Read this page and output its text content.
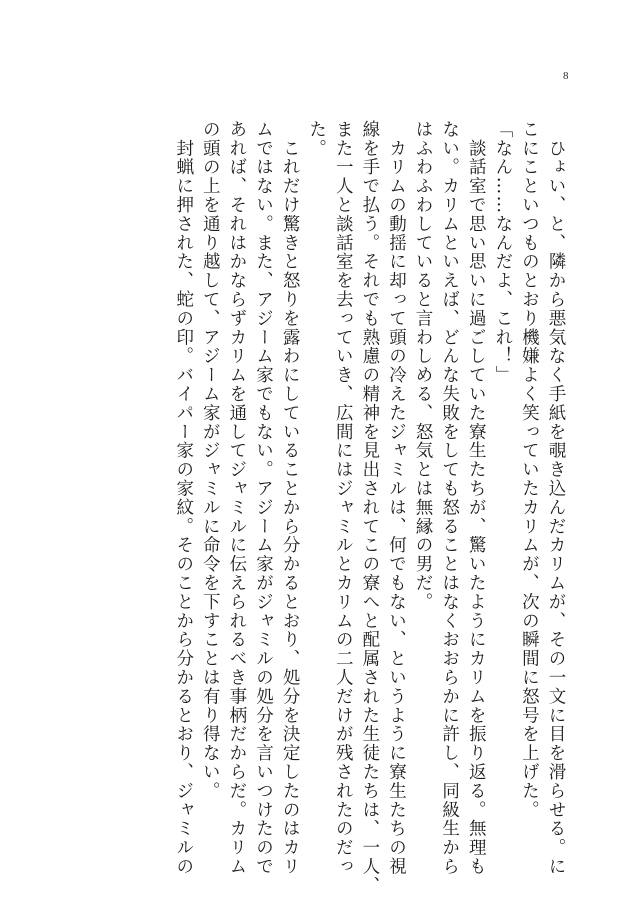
8
　ひょい、と、隣から悪気なく手紙を覗き込んだカリムが、その一文に目を滑らせる。に
こにこといつものとおり機嫌よく笑っていたカリムが、次の瞬間に怒号を上げた。
「なん……なんだよ、これ！」
　談話室で思い思いに過ごしていた寮生たちが、驚いたようにカリムを振り返る。無理も
ない。カリムといえば、どんな失敗をしても怒ることはなくおおらかに許し、同級生から
はふわふわしていると言わしめる、怒気とは無縁の男だ。
　カリムの動揺に却って頭の冷えたジャミルは、何でもない、というように寮生たちの視
線を手で払う。それでも熟慮の精神を見出されてこの寮へと配属された生徒たちは、一人、
また一人と談話室を去っていき、広間にはジャミルとカリムの二人だけが残されたのだっ
た。
　これだけ驚きと怒りを露わにしていることから分かるとおり、処分を決定したのはカリ
ムではない。また、アジーム家でもない。アジーム家がジャミルの処分を言いつけたので
あれば、それはかならずカリムを通してジャミルに伝えられるべき事柄だからだ。カリム
の頭の上を通り越して、アジーム家がジャミルに命令を下すことは有り得ない。
　封蝋に押された、蛇の印。バイパー家の家紋。そのことから分かるとおり、ジャミルの
